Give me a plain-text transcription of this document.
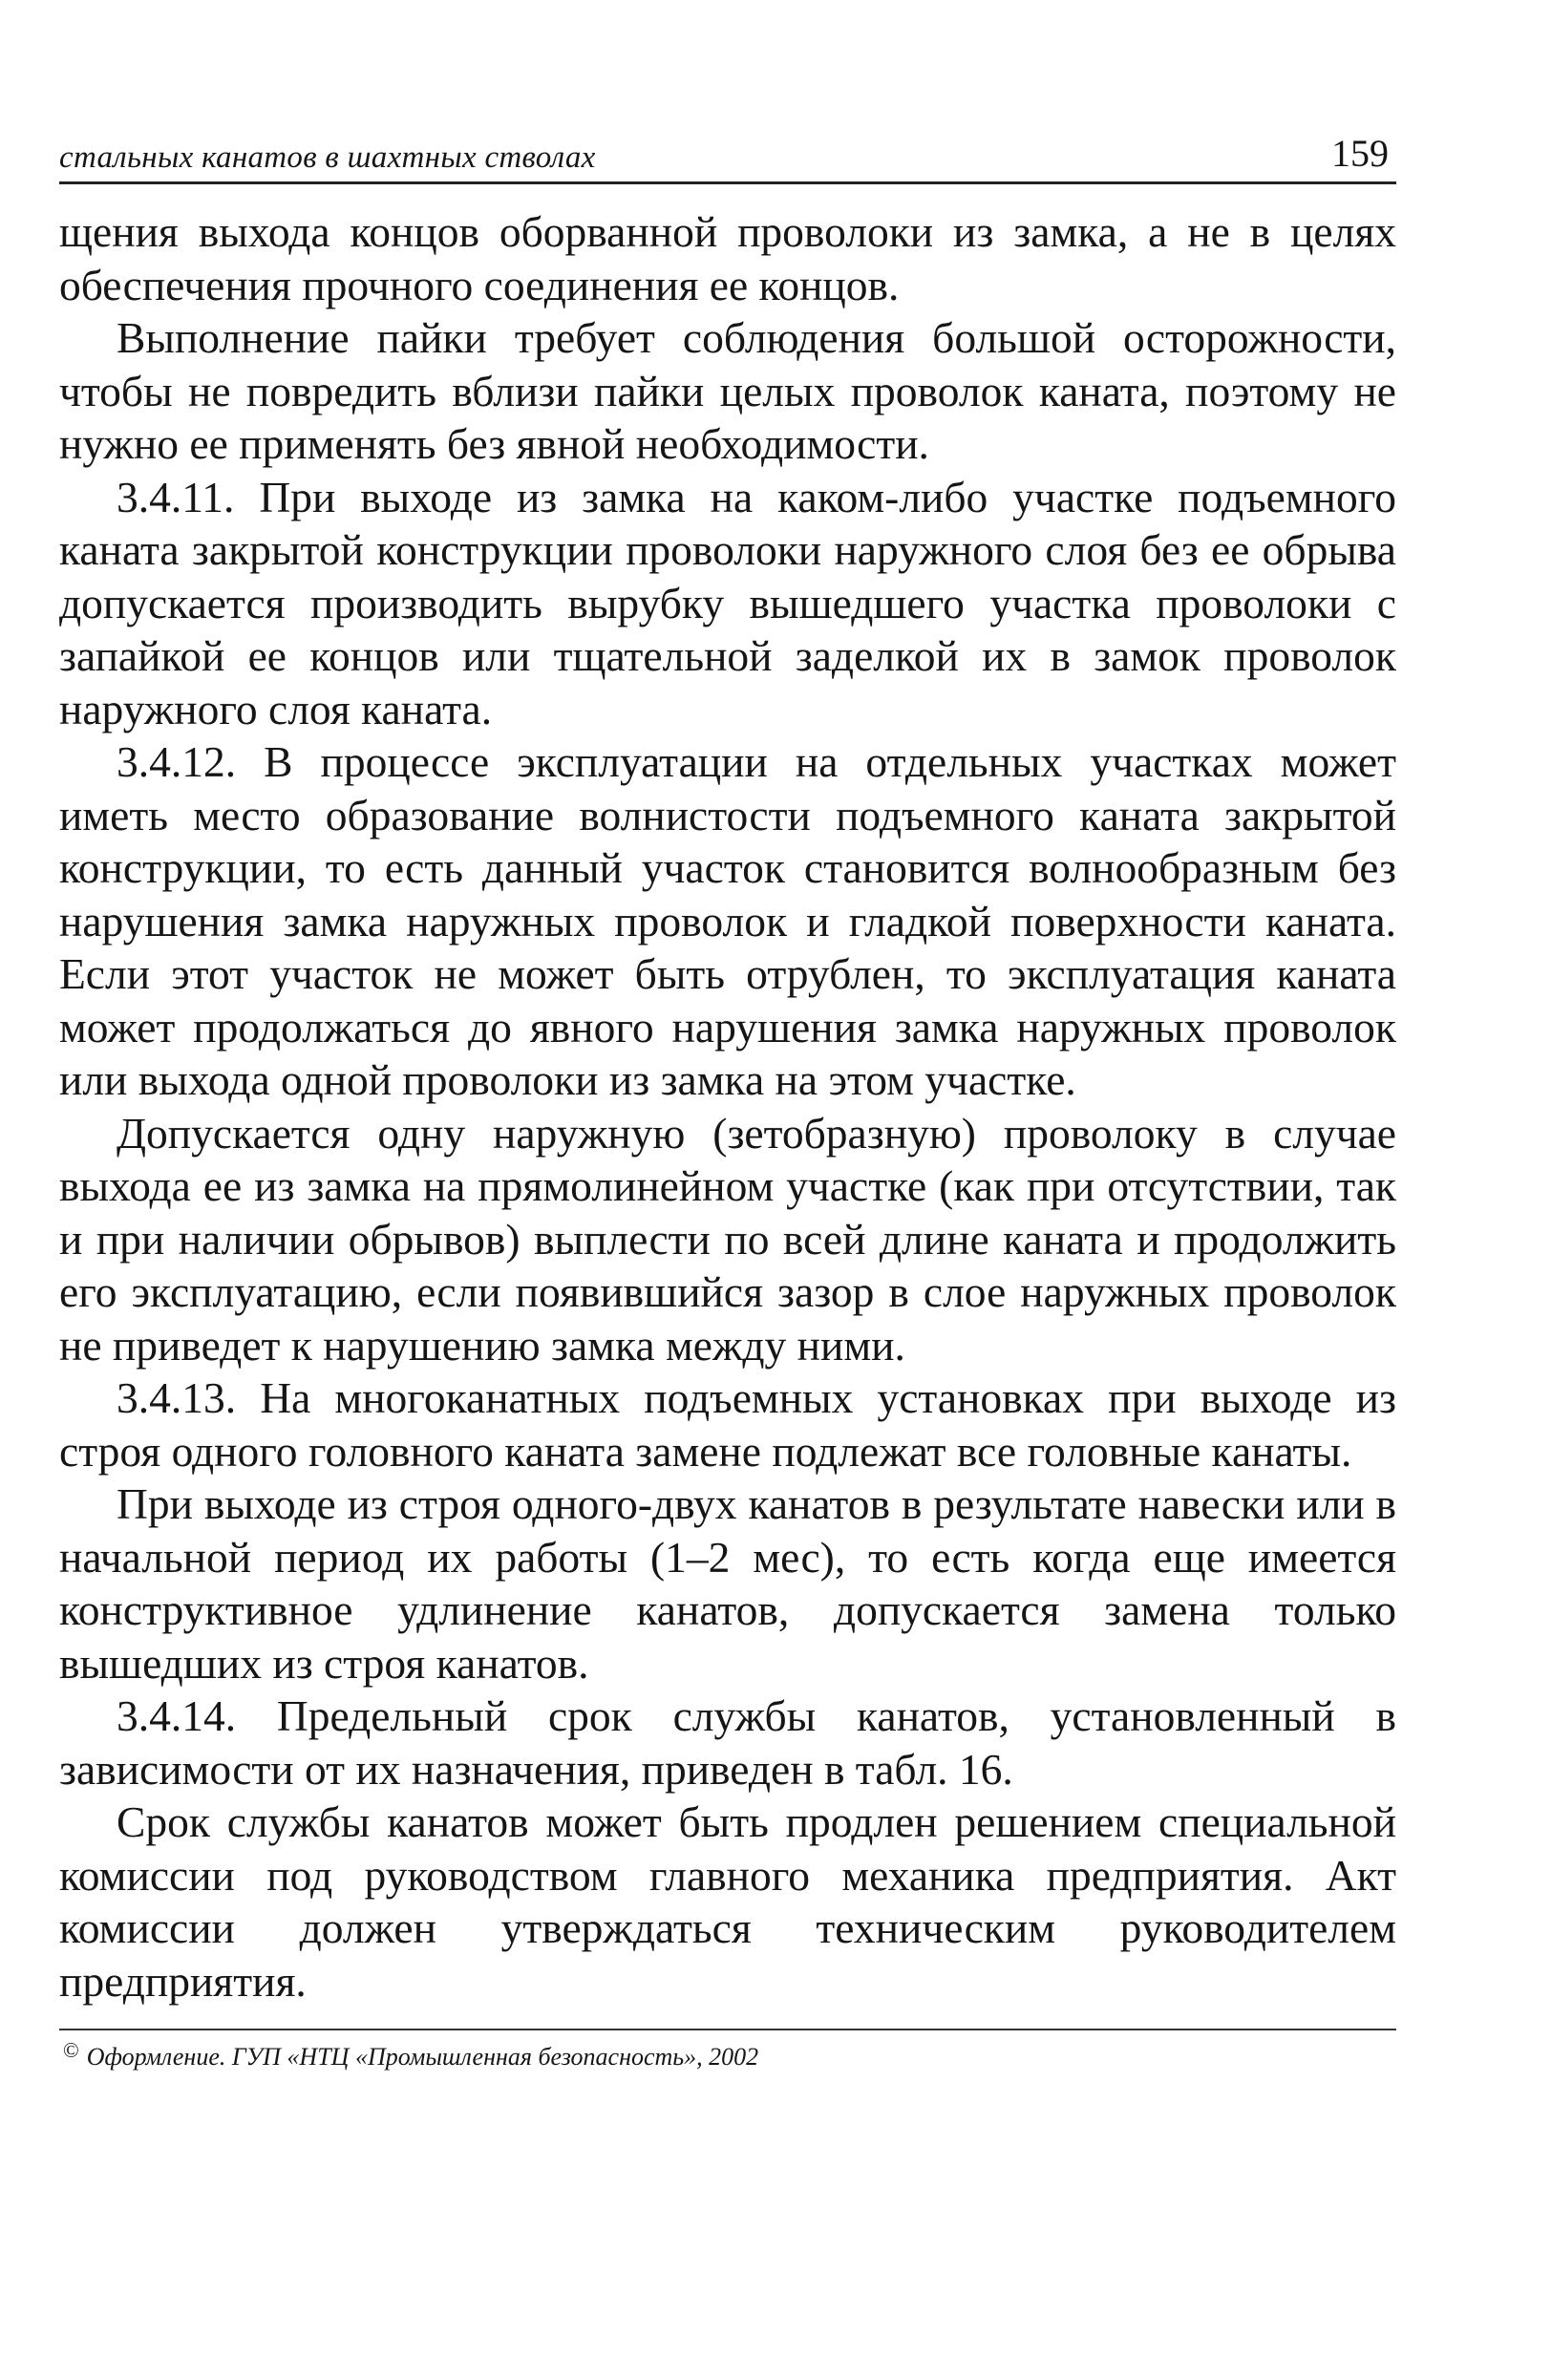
стальных канатов в шахтных стволах	159

щения выхода концов оборванной проволоки из замка, а не в целях обеспечения прочного соединения ее концов.

Выполнение пайки требует соблюдения большой осторожности, чтобы не повредить вблизи пайки целых проволок каната, поэтому не нужно ее применять без явной необходимости.

3.4.11. При выходе из замка на каком-либо участке подъемного каната закрытой конструкции проволоки наружного слоя без ее обрыва допускается производить вырубку вышедшего участка проволоки с запайкой ее концов или тщательной заделкой их в замок проволок наружного слоя каната.

3.4.12. В процессе эксплуатации на отдельных участках может иметь место образование волнистости подъемного каната закрытой конструкции, то есть данный участок становится волнообразным без нарушения замка наружных проволок и гладкой поверхности каната. Если этот участок не может быть отрублен, то эксплуатация каната может продолжаться до явного нарушения замка наружных проволок или выхода одной проволоки из замка на этом участке.

Допускается одну наружную (зетобразную) проволоку в случае выхода ее из замка на прямолинейном участке (как при отсутствии, так и при наличии обрывов) выплести по всей длине каната и продолжить его эксплуатацию, если появившийся зазор в слое наружных проволок не приведет к нарушению замка между ними.

3.4.13. На многоканатных подъемных установках при выходе из строя одного головного каната замене подлежат все головные канаты.

При выходе из строя одного-двух канатов в результате навески или в начальной период их работы (1–2 мес), то есть когда еще имеется конструктивное удлинение канатов, допускается замена только вышедших из строя канатов.

3.4.14. Предельный срок службы канатов, установленный в зависимости от их назначения, приведен в табл. 16.

Срок службы канатов может быть продлен решением специальной комиссии под руководством главного механика предприятия. Акт комиссии должен утверждаться техническим руководителем предприятия.

© Оформление. ГУП «НТЦ «Промышленная безопасность», 2002
